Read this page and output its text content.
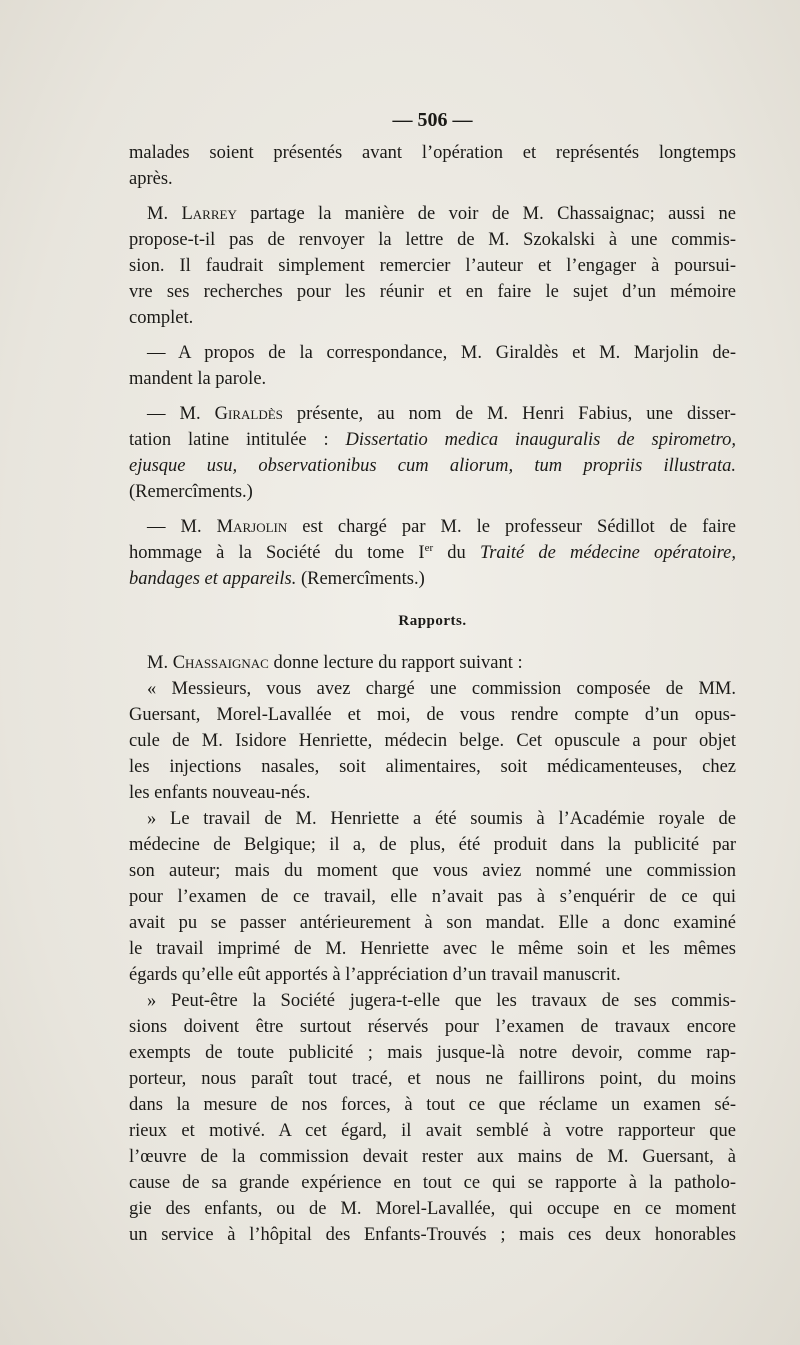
— 506 —
malades soient présentés avant l’opération et représentés longtemps
après.
M. Larrey partage la manière de voir de M. Chassaignac; aussi ne
propose-t-il pas de renvoyer la lettre de M. Szokalski à une commis-
sion. Il faudrait simplement remercier l’auteur et l’engager à poursui-
vre ses recherches pour les réunir et en faire le sujet d’un mémoire
complet.
— A propos de la correspondance, M. Giraldès et M. Marjolin de-
mandent la parole.
— M. Giraldès présente, au nom de M. Henri Fabius, une disser-
tation latine intitulée : Dissertatio medica inauguralis de spirometro,
ejusque usu, observationibus cum aliorum, tum propriis illustrata.
(Remercîments.)
— M. Marjolin est chargé par M. le professeur Sédillot de faire
hommage à la Société du tome Ier du Traité de médecine opératoire,
bandages et appareils. (Remercîments.)
Rapports.
M. Chassaignac donne lecture du rapport suivant :
« Messieurs, vous avez chargé une commission composée de MM.
Guersant, Morel-Lavallée et moi, de vous rendre compte d’un opus-
cule de M. Isidore Henriette, médecin belge. Cet opuscule a pour objet
les injections nasales, soit alimentaires, soit médicamenteuses, chez
les enfants nouveau-nés.
» Le travail de M. Henriette a été soumis à l’Académie royale de
médecine de Belgique; il a, de plus, été produit dans la publicité par
son auteur; mais du moment que vous aviez nommé une commission
pour l’examen de ce travail, elle n’avait pas à s’enquérir de ce qui
avait pu se passer antérieurement à son mandat. Elle a donc examiné
le travail imprimé de M. Henriette avec le même soin et les mêmes
égards qu’elle eût apportés à l’appréciation d’un travail manuscrit.
» Peut-être la Société jugera-t-elle que les travaux de ses commis-
sions doivent être surtout réservés pour l’examen de travaux encore
exempts de toute publicité ; mais jusque-là notre devoir, comme rap-
porteur, nous paraît tout tracé, et nous ne faillirons point, du moins
dans la mesure de nos forces, à tout ce que réclame un examen sé-
rieux et motivé. A cet égard, il avait semblé à votre rapporteur que
l’œuvre de la commission devait rester aux mains de M. Guersant, à
cause de sa grande expérience en tout ce qui se rapporte à la patholo-
gie des enfants, ou de M. Morel-Lavallée, qui occupe en ce moment
un service à l’hôpital des Enfants-Trouvés ; mais ces deux honorables
